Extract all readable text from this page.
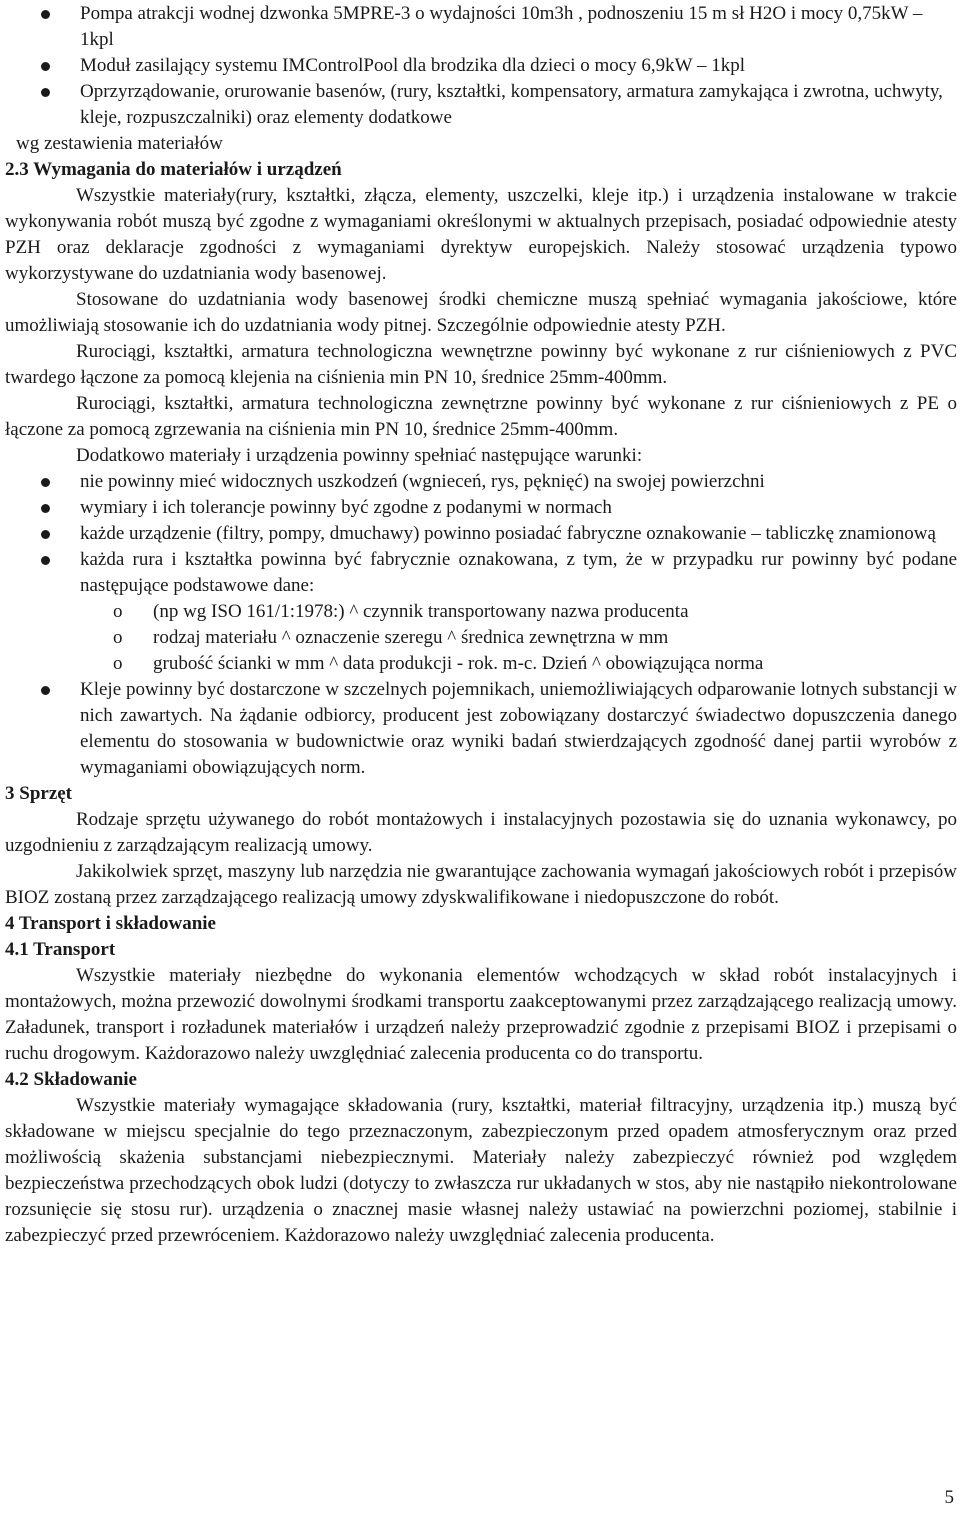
Pompa atrakcji wodnej dzwonka 5MPRE-3 o wydajności 10m3h , podnoszeniu 15 m sł H2O i mocy 0,75kW – 1kpl
Moduł zasilający systemu IMControlPool dla brodzika dla dzieci o mocy 6,9kW – 1kpl
Oprzyrządowanie, orurowanie basenów, (rury, kształtki, kompensatory, armatura zamykająca i zwrotna, uchwyty, kleje, rozpuszczalniki) oraz elementy dodatkowe
wg zestawienia materiałów
2.3 Wymagania do materiałów i urządzeń
Wszystkie materiały(rury, kształtki, złącza, elementy, uszczelki, kleje itp.) i urządzenia instalowane w trakcie wykonywania robót muszą być zgodne z wymaganiami określonymi w aktualnych przepisach, posiadać odpowiednie atesty PZH oraz deklaracje zgodności z wymaganiami dyrektyw europejskich. Należy stosować urządzenia typowo wykorzystywane do uzdatniania wody basenowej.
Stosowane do uzdatniania wody basenowej środki chemiczne muszą spełniać wymagania jakościowe, które umożliwiają stosowanie ich do uzdatniania wody pitnej. Szczególnie odpowiednie atesty PZH.
Rurociągi, kształtki, armatura technologiczna wewnętrzne powinny być wykonane z rur ciśnieniowych z PVC twardego łączone za pomocą klejenia na ciśnienia min PN 10, średnice 25mm-400mm.
Rurociągi, kształtki, armatura technologiczna zewnętrzne powinny być wykonane z rur ciśnieniowych z PE o łączone za pomocą zgrzewania na ciśnienia min PN 10, średnice 25mm-400mm.
Dodatkowo materiały i urządzenia powinny spełniać następujące warunki:
nie powinny mieć widocznych uszkodzeń (wgnieceń, rys, pęknięć) na swojej powierzchni
wymiary i ich tolerancje powinny być zgodne z podanymi w normach
każde urządzenie (filtry, pompy, dmuchawy) powinno posiadać fabryczne oznakowanie – tabliczkę znamionową
każda rura i kształtka powinna być fabrycznie oznakowana, z tym, że w przypadku rur powinny być podane następujące podstawowe dane:
o (np wg ISO 161/1:1978:) ^ czynnik transportowany nazwa producenta
o rodzaj materiału ^ oznaczenie szeregu ^ średnica zewnętrzna w mm
o grubość ścianki w mm ^ data produkcji - rok. m-c. Dzień ^ obowiązująca norma
Kleje powinny być dostarczone w szczelnych pojemnikach, uniemożliwiających odparowanie lotnych substancji w nich zawartych. Na żądanie odbiorcy, producent jest zobowiązany dostarczyć świadectwo dopuszczenia danego elementu do stosowania w budownictwie oraz wyniki badań stwierdzających zgodność danej partii wyrobów z wymaganiami obowiązujących norm.
3 Sprzęt
Rodzaje sprzętu używanego do robót montażowych i instalacyjnych pozostawia się do uznania wykonawcy, po uzgodnieniu z zarządzającym realizacją umowy.
Jakikolwiek sprzęt, maszyny lub narzędzia nie gwarantujące zachowania wymagań jakościowych robót i przepisów BIOZ zostaną przez zarządzającego realizacją umowy zdyskwalifikowane i niedopuszczone do robót.
4 Transport i składowanie
4.1 Transport
Wszystkie materiały niezbędne do wykonania elementów wchodzących w skład robót instalacyjnych i montażowych, można przewozić dowolnymi środkami transportu zaakceptowanymi przez zarządzającego realizacją umowy. Załadunek, transport i rozładunek materiałów i urządzeń należy przeprowadzić zgodnie z przepisami BIOZ i przepisami o ruchu drogowym. Każdorazowo należy uwzględniać zalecenia producenta co do transportu.
4.2 Składowanie
Wszystkie materiały wymagające składowania (rury, kształtki, materiał filtracyjny, urządzenia itp.) muszą być składowane w miejscu specjalnie do tego przeznaczonym, zabezpieczonym przed opadem atmosferycznym oraz przed możliwością skażenia substancjami niebezpiecznymi. Materiały należy zabezpieczyć również pod względem bezpieczeństwa przechodzących obok ludzi (dotyczy to zwłaszcza rur układanych w stos, aby nie nastąpiło niekontrolowane rozsunięcie się stosu rur). urządzenia o znacznej masie własnej należy ustawiać na powierzchni poziomej, stabilnie i zabezpieczyć przed przewróceniem. Każdorazowo należy uwzględniać zalecenia producenta.
5
